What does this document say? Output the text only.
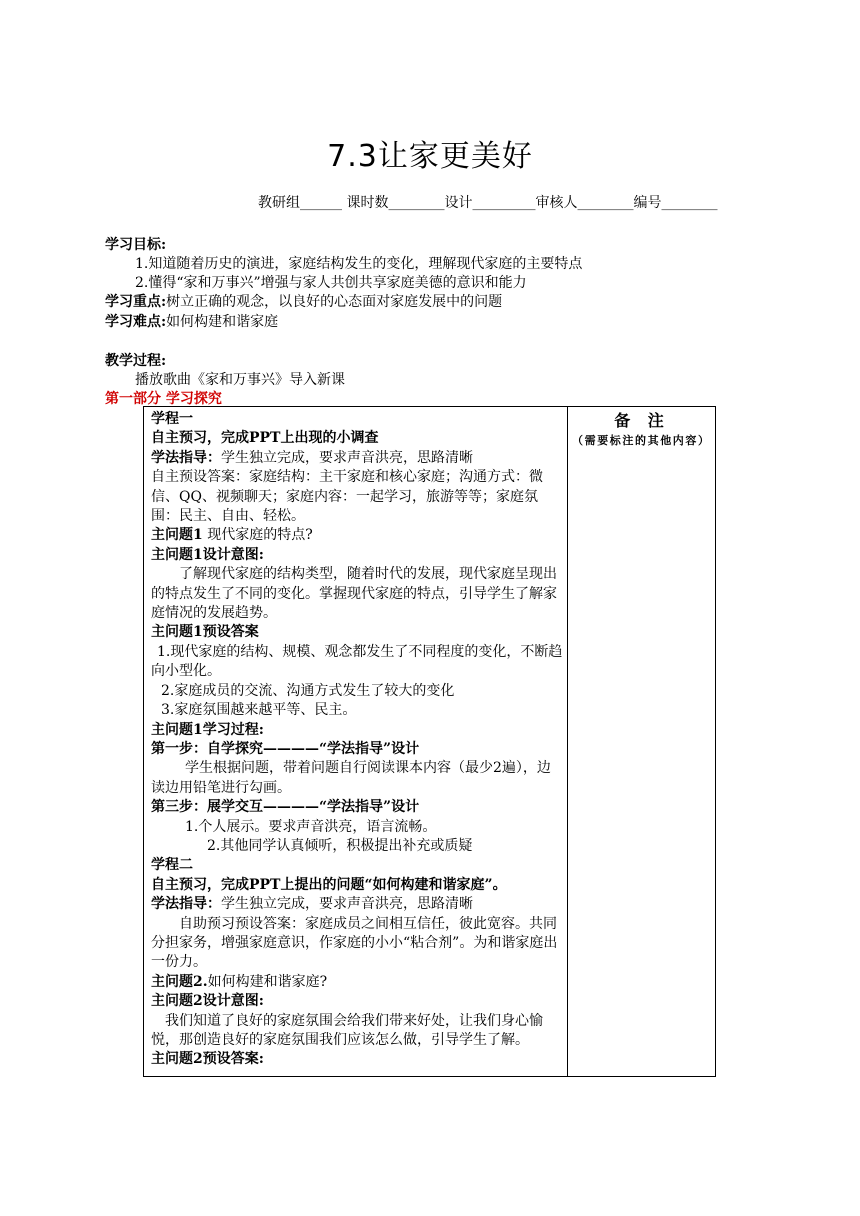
7.3让家更美好
教研组______ 课时数________设计_________审核人________编号________
学习目标:
1.知道随着历史的演进，家庭结构发生的变化，理解现代家庭的主要特点
2.懂得“家和万事兴”增强与家人共创共享家庭美德的意识和能力
学习重点:树立正确的观念，以良好的心态面对家庭发展中的问题
学习难点:如何构建和谐家庭
教学过程:
播放歌曲《家和万事兴》导入新课
第一部分 学习探究

学程一

自主预习，完成PPT上出现的小调查

学法指导：学生独立完成，要求声音洪亮，思路清晰

自主预设答案：家庭结构：主干家庭和核心家庭；沟通方式：微信、QQ、视频聊天；家庭内容：一起学习，旅游等等；家庭氛围：民主、自由、轻松。

主问题1 现代家庭的特点?

主问题1设计意图:

了解现代家庭的结构类型，随着时代的发展，现代家庭呈现出的特点发生了不同的变化。掌握现代家庭的特点，引导学生了解家庭情况的发展趋势。

主问题1预设答案

1.现代家庭的结构、规模、观念都发生了不同程度的变化，不断趋向小型化。

2.家庭成员的交流、沟通方式发生了较大的变化

3.家庭氛围越来越平等、民主。

主问题1学习过程:

第一步：自学探究————“学法指导”设计

学生根据问题，带着问题自行阅读课本内容（最少2遍），边读边用铅笔进行勾画。

第三步：展学交互————“学法指导”设计

1.个人展示。要求声音洪亮，语言流畅。

2.其他同学认真倾听，积极提出补充或质疑

学程二

自主预习，完成PPT上提出的问题“如何构建和谐家庭”。

学法指导：学生独立完成，要求声音洪亮，思路清晰

自助预习预设答案：家庭成员之间相互信任，彼此宽容。共同分担家务，增强家庭意识，作家庭的小小“粘合剂”。为和谐家庭出一份力。

主问题2.如何构建和谐家庭?

主问题2设计意图:

我们知道了良好的家庭氛围会给我们带来好处，让我们身心愉悦，那创造良好的家庭氛围我们应该怎么做，引导学生了解。

主问题2预设答案:

备 注
（需要标注的其他内容）
